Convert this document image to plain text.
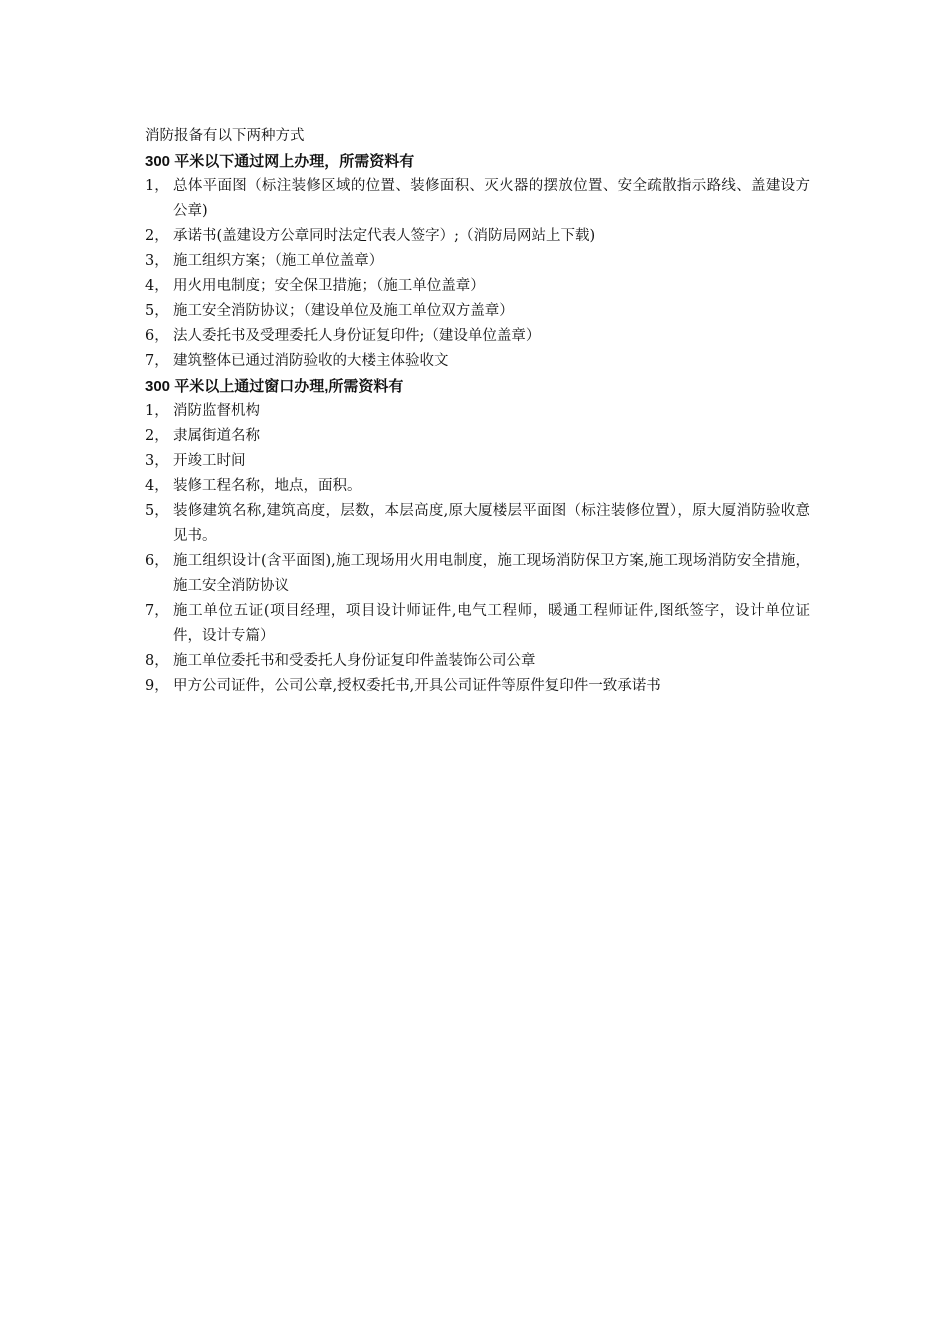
消防报备有以下两种方式

300 平米以下通过网上办理，所需资料有

1， 总体平面图（标注装修区域的位置、装修面积、灭火器的摆放位置、安全疏散指示路线、盖建设方公章)
2， 承诺书(盖建设方公章同时法定代表人签字）;（消防局网站上下载)
3， 施工组织方案；（施工单位盖章）
4， 用火用电制度；安全保卫措施；（施工单位盖章）
5， 施工安全消防协议；（建设单位及施工单位双方盖章）
6， 法人委托书及受理委托人身份证复印件;（建设单位盖章）
7， 建筑整体已通过消防验收的大楼主体验收文

300 平米以上通过窗口办理,所需资料有

1， 消防监督机构
2， 隶属街道名称
3， 开竣工时间
4， 装修工程名称，地点，面积。
5， 装修建筑名称,建筑高度，层数，本层高度,原大厦楼层平面图（标注装修位置），原大厦消防验收意见书。
6， 施工组织设计(含平面图),施工现场用火用电制度，施工现场消防保卫方案,施工现场消防安全措施，施工安全消防协议
7， 施工单位五证(项目经理，项目设计师证件,电气工程师，暖通工程师证件,图纸签字，设计单位证件，设计专篇）
8， 施工单位委托书和受委托人身份证复印件盖装饰公司公章
9， 甲方公司证件，公司公章,授权委托书,开具公司证件等原件复印件一致承诺书
